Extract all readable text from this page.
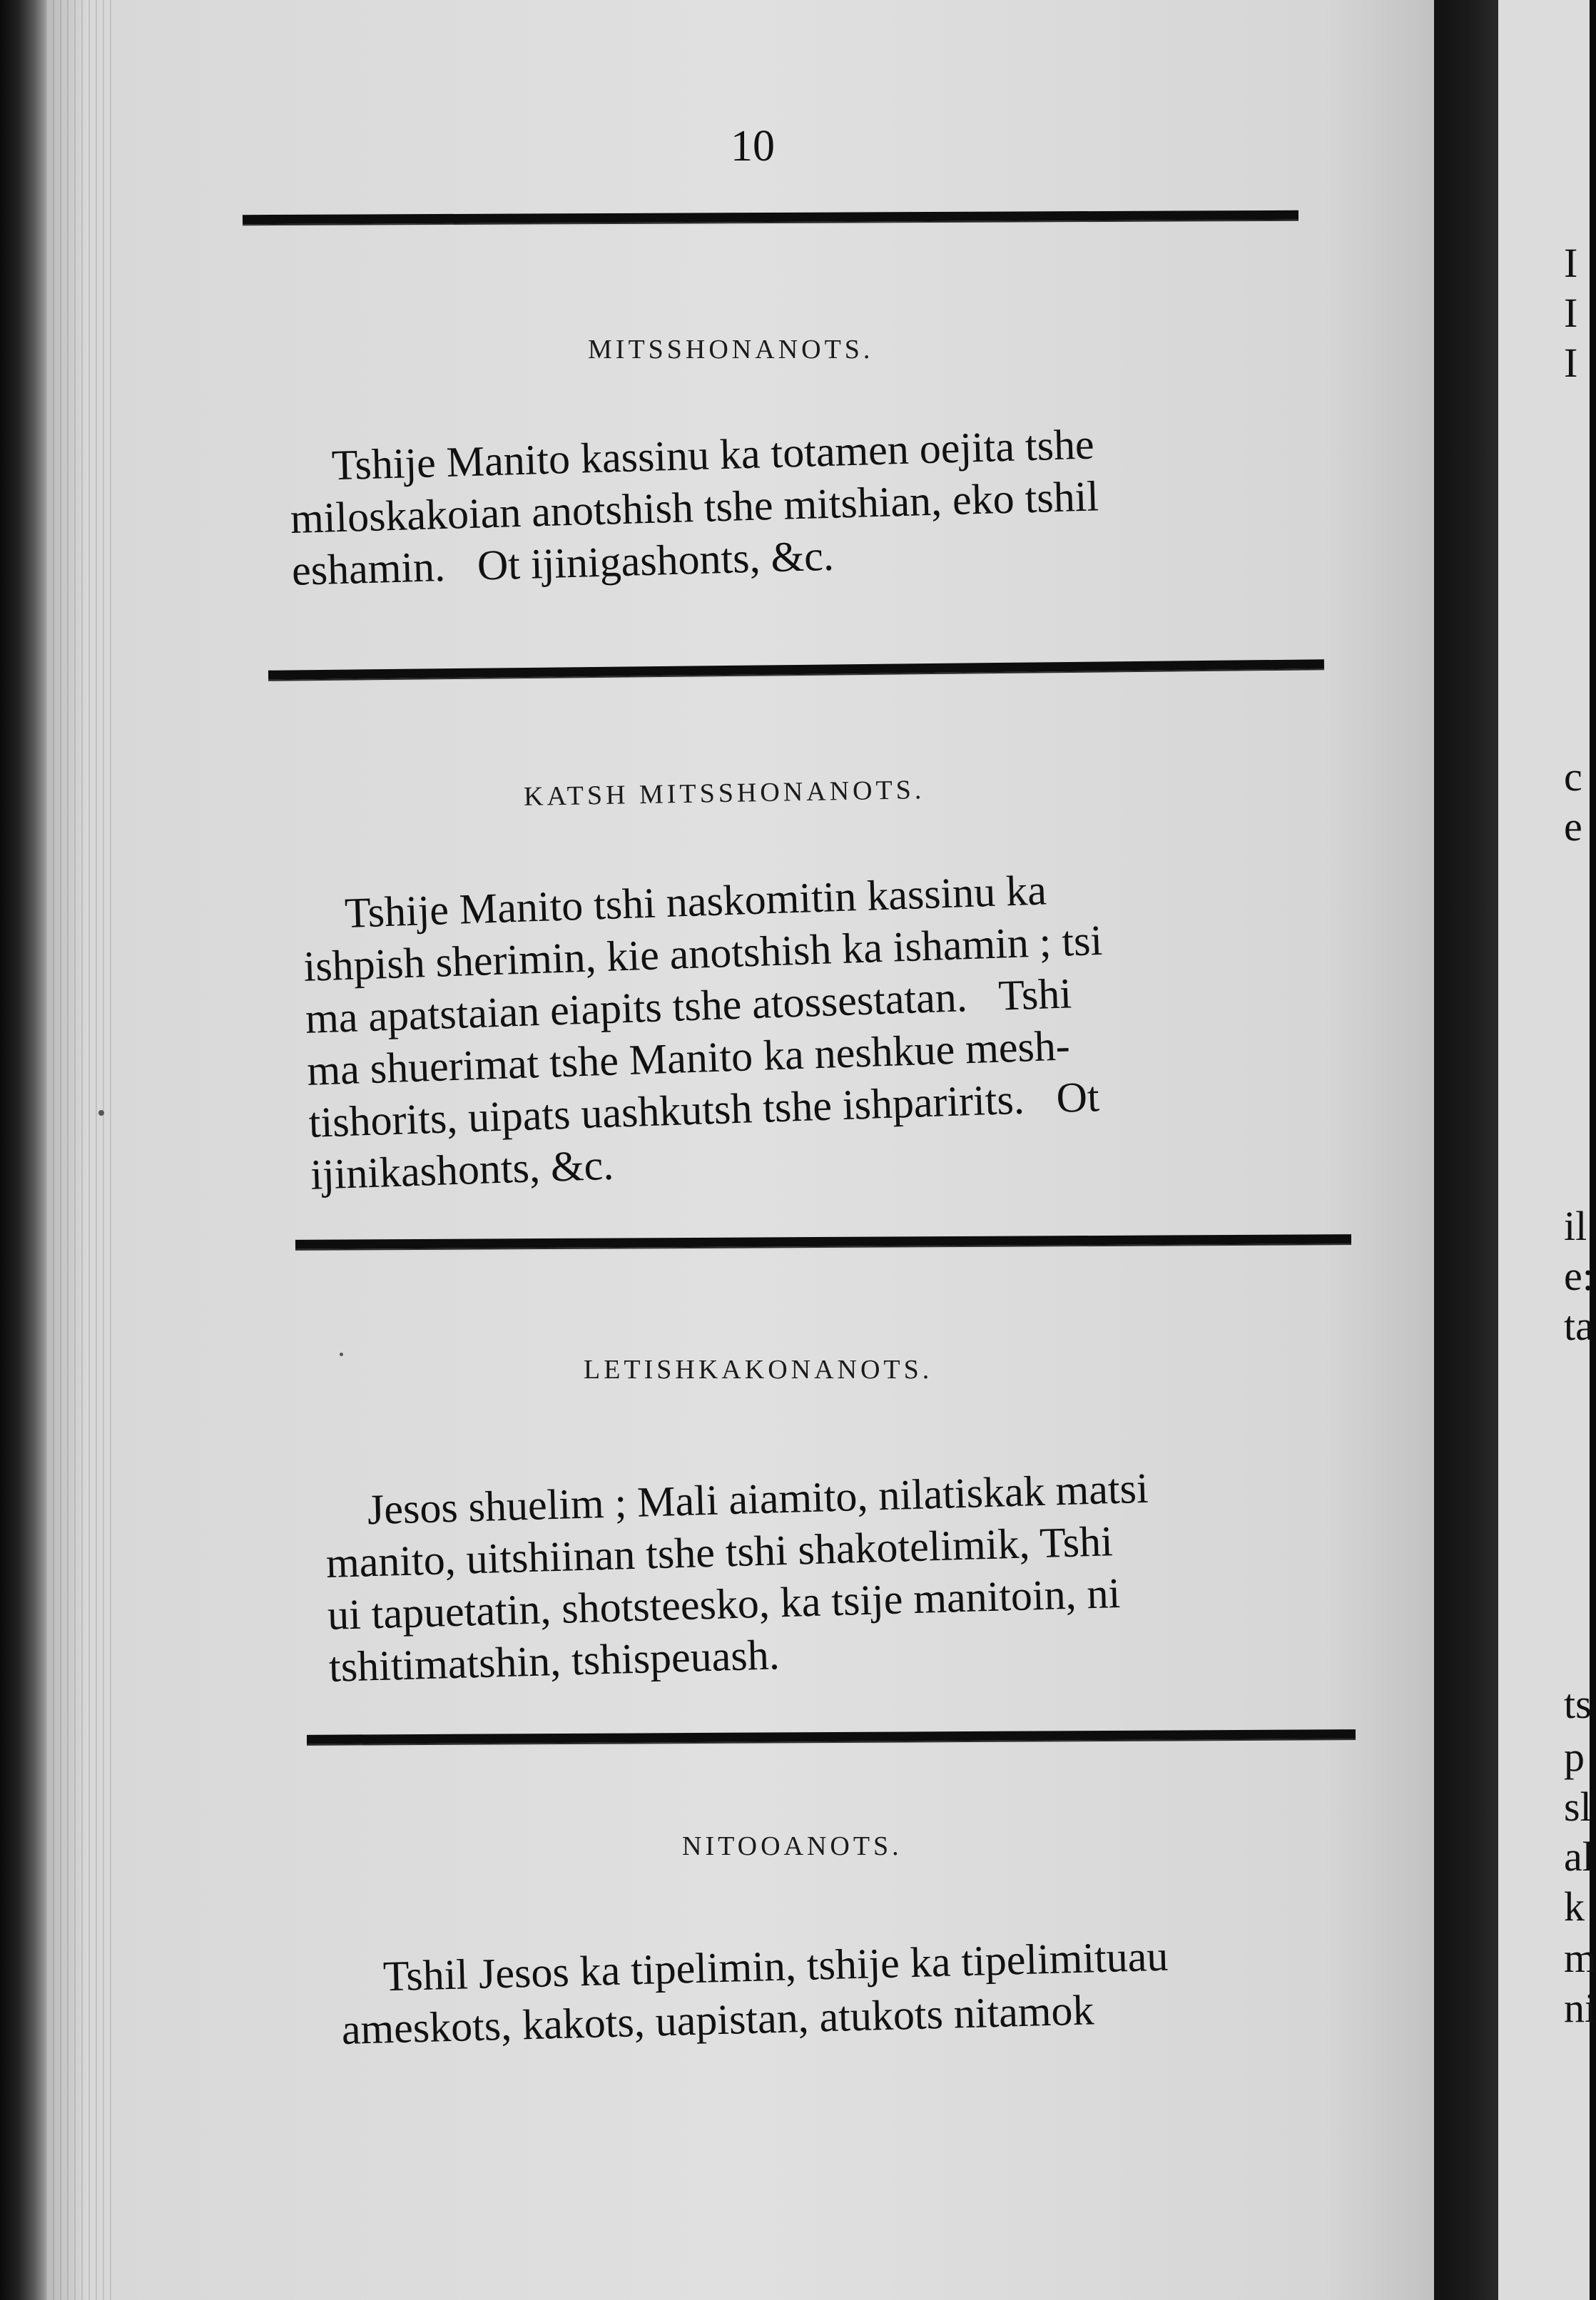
10
MITSSHONANOTS.
Tshije Manito kassinu ka totamen oejita tshe
miloskakoian anotshish tshe mitshian, eko tshil
eshamin.   Ot ijinigashonts, &c.
KATSH MITSSHONANOTS.
Tshije Manito tshi naskomitin kassinu ka
ishpish sherimin, kie anotshish ka ishamin ; tsi
ma apatstaian eiapits tshe atossestatan.   Tshi
ma shuerimat tshe Manito ka neshkue mesh-
tishorits, uipats uashkutsh tshe ishparirits.   Ot
ijinikashonts, &c.
LETISHKAKONANOTS.
Jesos shuelim ; Mali aiamito, nilatiskak matsi
manito, uitshiinan tshe tshi shakotelimik, Tshi
ui tapuetatin, shotsteesko, ka tsije manitoin, ni
tshitimatshin, tshispeuash.
NITOOANOTS.
Tshil Jesos ka tipelimin, tshije ka tipelimituau
ameskots, kakots, uapistan, atukots nitamok
I
I
I
c
e
il
e:
ta
ts
p
sl
al
k
m
ni
